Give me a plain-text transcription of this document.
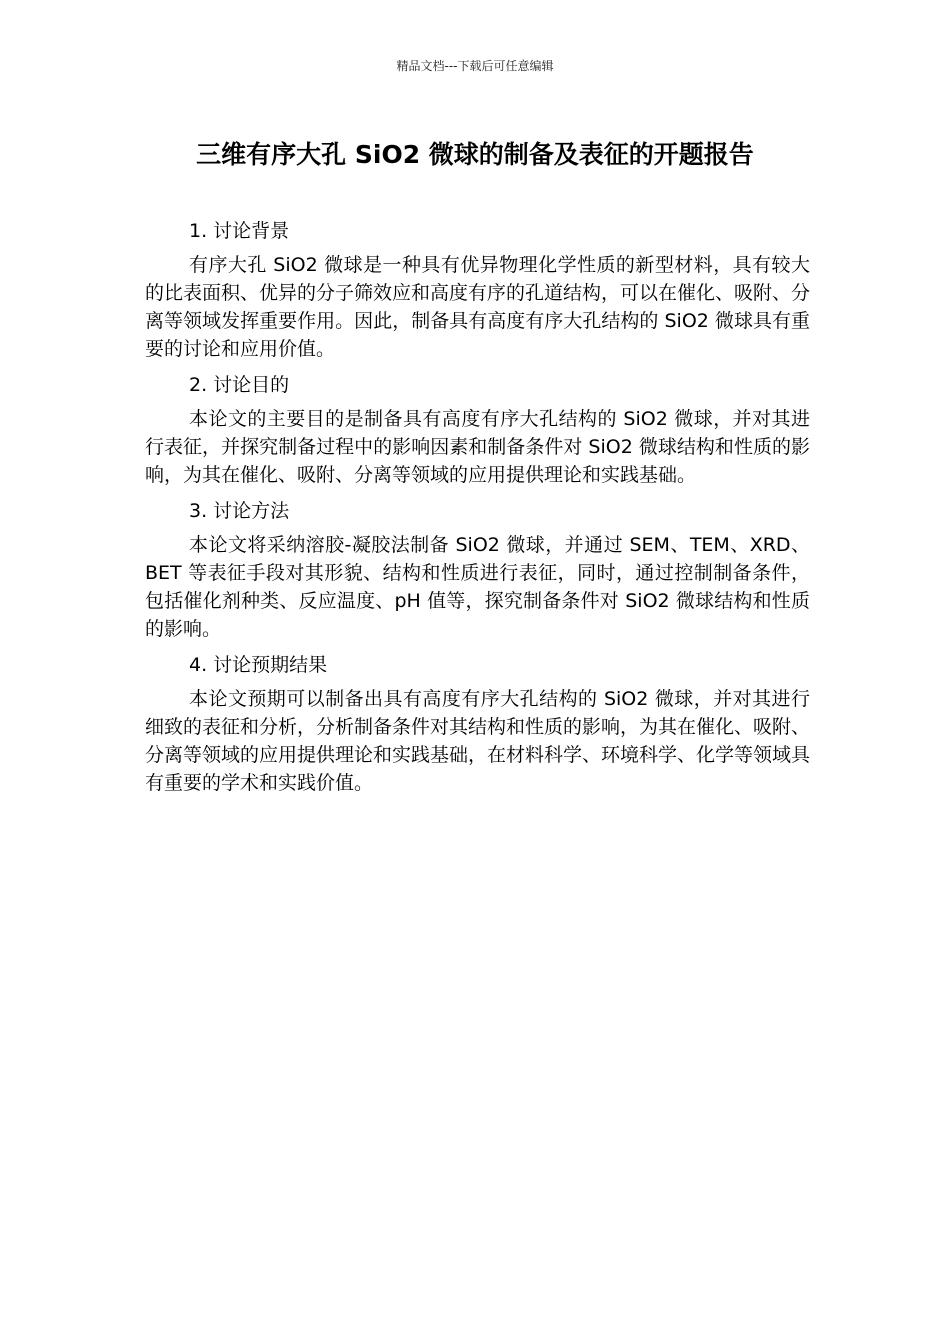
精品文档---下载后可任意编辑
三维有序大孔 SiO2 微球的制备及表征的开题报告
1. 讨论背景

有序大孔 SiO2 微球是一种具有优异物理化学性质的新型材料，具有较大的比表面积、优异的分子筛效应和高度有序的孔道结构，可以在催化、吸附、分离等领域发挥重要作用。因此，制备具有高度有序大孔结构的 SiO2 微球具有重要的讨论和应用价值。

2. 讨论目的

本论文的主要目的是制备具有高度有序大孔结构的 SiO2 微球，并对其进行表征，并探究制备过程中的影响因素和制备条件对 SiO2 微球结构和性质的影响，为其在催化、吸附、分离等领域的应用提供理论和实践基础。

3. 讨论方法

本论文将采纳溶胶-凝胶法制备 SiO2 微球，并通过 SEM、TEM、XRD、BET 等表征手段对其形貌、结构和性质进行表征，同时，通过控制制备条件，包括催化剂种类、反应温度、pH 值等，探究制备条件对 SiO2 微球结构和性质的影响。

4. 讨论预期结果

本论文预期可以制备出具有高度有序大孔结构的 SiO2 微球，并对其进行细致的表征和分析，分析制备条件对其结构和性质的影响，为其在催化、吸附、分离等领域的应用提供理论和实践基础，在材料科学、环境科学、化学等领域具有重要的学术和实践价值。
